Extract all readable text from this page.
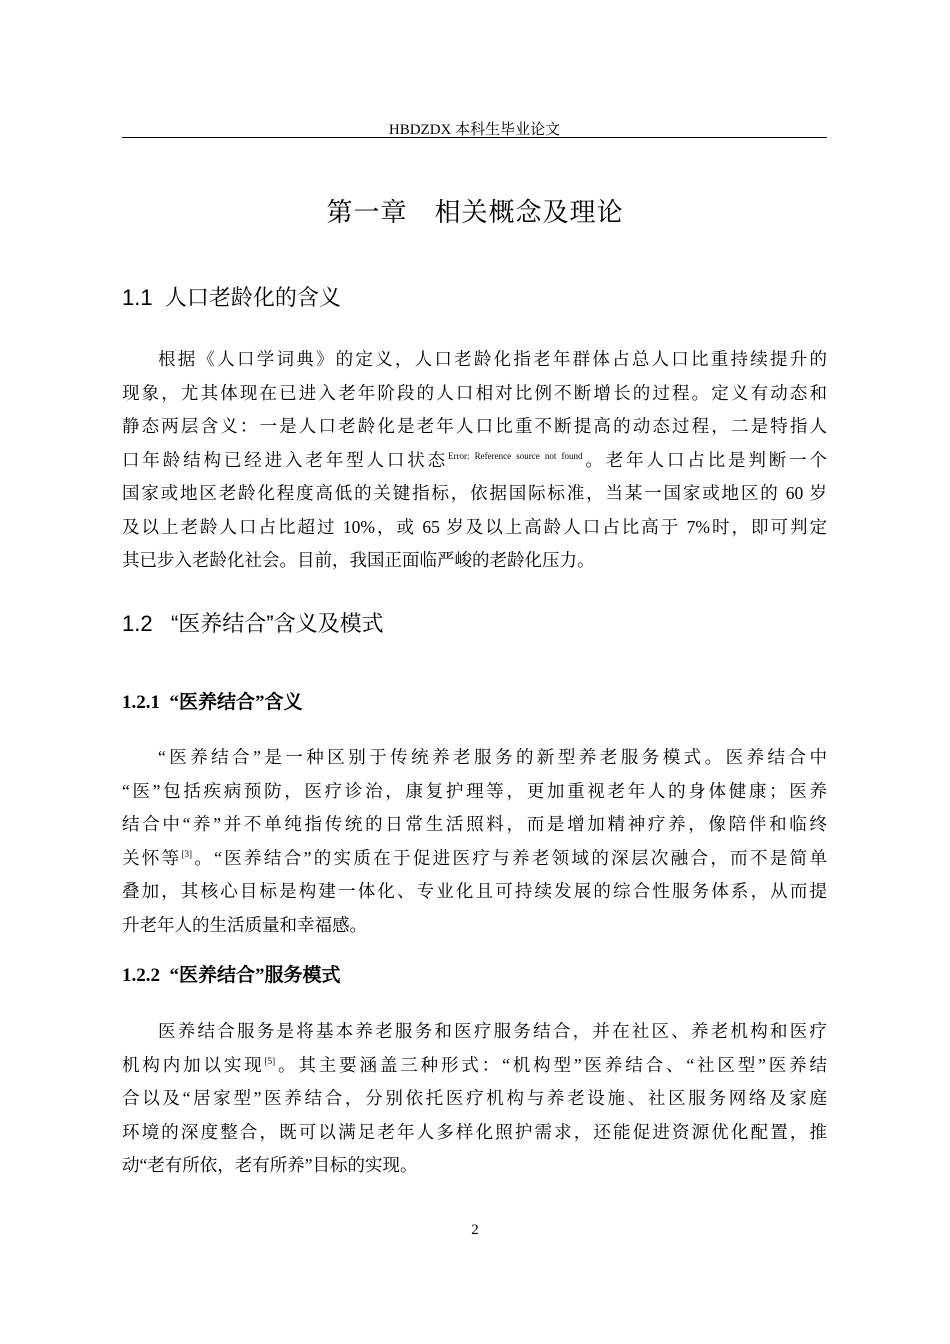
HBDZDX 本科生毕业论文
第一章　相关概念及理论
1.1 人口老龄化的含义
根据《人口学词典》的定义，人口老龄化指老年群体占总人口比重持续提升的
现象，尤其体现在已进入老年阶段的人口相对比例不断增长的过程。定义有动态和
静态两层含义：一是人口老龄化是老年人口比重不断提高的动态过程，二是特指人
口年龄结构已经进入老年型人口状态$^{Error: Reference source not found}$。老年人口占比是判断一个
国家或地区老龄化程度高低的关键指标，依据国际标准，当某一国家或地区的 60 岁
及以上老龄人口占比超过 10%，或 65 岁及以上高龄人口占比高于 7%时，即可判定
其已步入老龄化社会。目前，我国正面临严峻的老龄化压力。
1.2 “医养结合”含义及模式
1.2.1 “医养结合”含义
“医养结合”是一种区别于传统养老服务的新型养老服务模式。医养结合中
“医”包括疾病预防，医疗诊治，康复护理等，更加重视老年人的身体健康；医养
结合中“养”并不单纯指传统的日常生活照料，而是增加精神疗养，像陪伴和临终
关怀等[3]。“医养结合”的实质在于促进医疗与养老领域的深层次融合，而不是简单
叠加，其核心目标是构建一体化、专业化且可持续发展的综合性服务体系，从而提
升老年人的生活质量和幸福感。
1.2.2 “医养结合”服务模式
医养结合服务是将基本养老服务和医疗服务结合，并在社区、养老机构和医疗
机构内加以实现[5]。其主要涵盖三种形式：“机构型”医养结合、“社区型”医养结
合以及“居家型”医养结合，分别依托医疗机构与养老设施、社区服务网络及家庭
环境的深度整合，既可以满足老年人多样化照护需求，还能促进资源优化配置，推
动“老有所依，老有所养”目标的实现。
2
